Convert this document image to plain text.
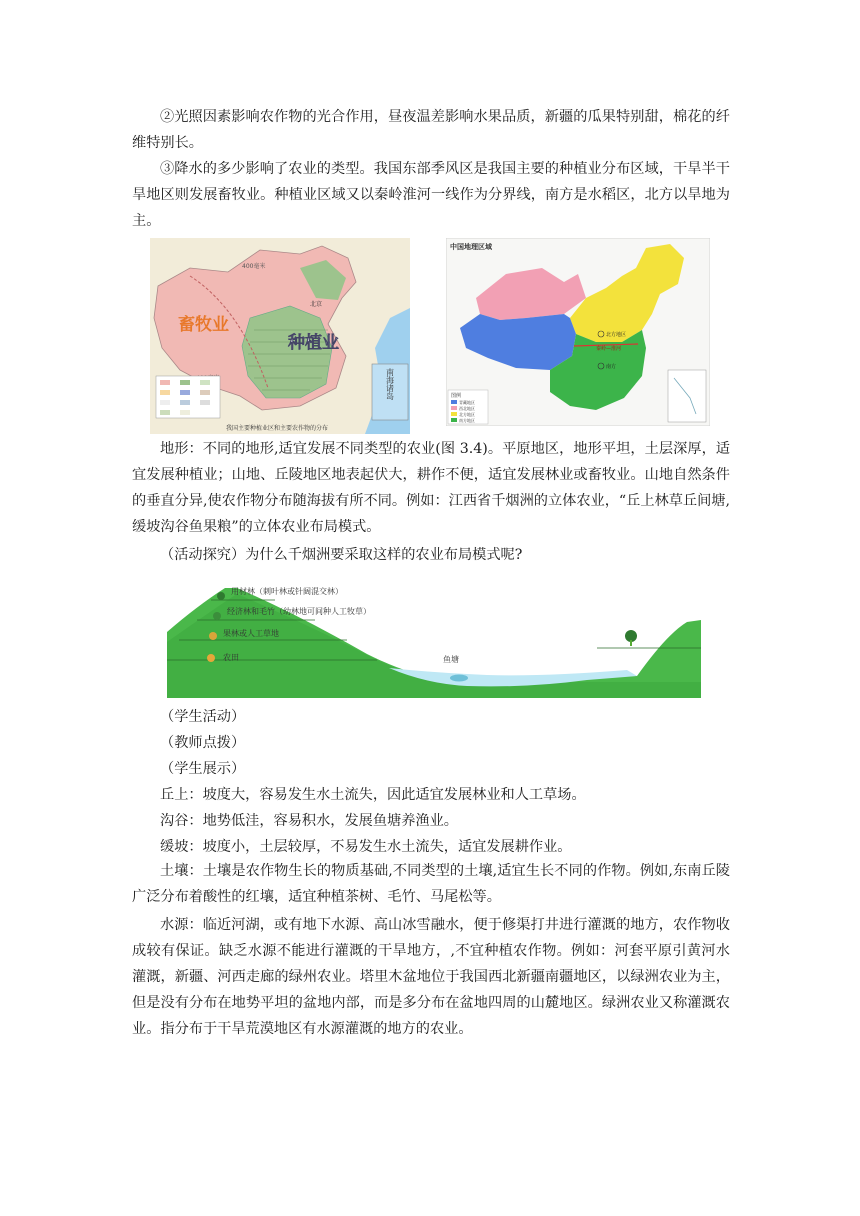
②光照因素影响农作物的光合作用，昼夜温差影响水果品质，新疆的瓜果特别甜，棉花的纤维特别长。

③降水的多少影响了农业的类型。我国东部季风区是我国主要的种植业分布区域，干旱半干旱地区则发展畜牧业。种植业区域又以秦岭淮河一线作为分界线，南方是水稻区，北方以旱地为主。

400毫米
北京
畜牧业
种植业
南海诸岛
我国主要种植业区和主要农作物的分布
中国地理区域
北方地区
秦岭—淮河
南方
图例
青藏地区
西北地区
北方地区
南方地区

地形：不同的地形,适宜发展不同类型的农业(图 3.4)。平原地区，地形平坦，土层深厚，适宜发展种植业；山地、丘陵地区地表起伏大，耕作不便，适宜发展林业或畜牧业。山地自然条件的垂直分异,使农作物分布随海拔有所不同。例如：江西省千烟洲的立体农业，“丘上林草丘间塘,缓坡沟谷鱼果粮”的立体农业布局模式。

（活动探究）为什么千烟洲要采取这样的农业布局模式呢?

用材林（刺叶林或针阔混交林）
经济林和毛竹（幼林地可间种人工牧草）
果林或人工草地
农田	鱼塘

（学生活动）

（教师点拨）

（学生展示）

丘上：坡度大，容易发生水土流失，因此适宜发展林业和人工草场。

沟谷：地势低洼，容易积水，发展鱼塘养渔业。

缓坡：坡度小，土层较厚，不易发生水土流失，适宜发展耕作业。

土壤：土壤是农作物生长的物质基础,不同类型的土壤,适宜生长不同的作物。例如,东南丘陵广泛分布着酸性的红壤，适宜种植茶树、毛竹、马尾松等。

水源：临近河湖，或有地下水源、高山冰雪融水，便于修渠打井进行灌溉的地方，农作物收成较有保证。缺乏水源不能进行灌溉的干旱地方，,不宜种植农作物。例如：河套平原引黄河水灌溉，新疆、河西走廊的绿州农业。塔里木盆地位于我国西北新疆南疆地区，以绿洲农业为主，但是没有分布在地势平坦的盆地内部，而是多分布在盆地四周的山麓地区。绿洲农业又称灌溉农业。指分布于干旱荒漠地区有水源灌溉的地方的农业。
